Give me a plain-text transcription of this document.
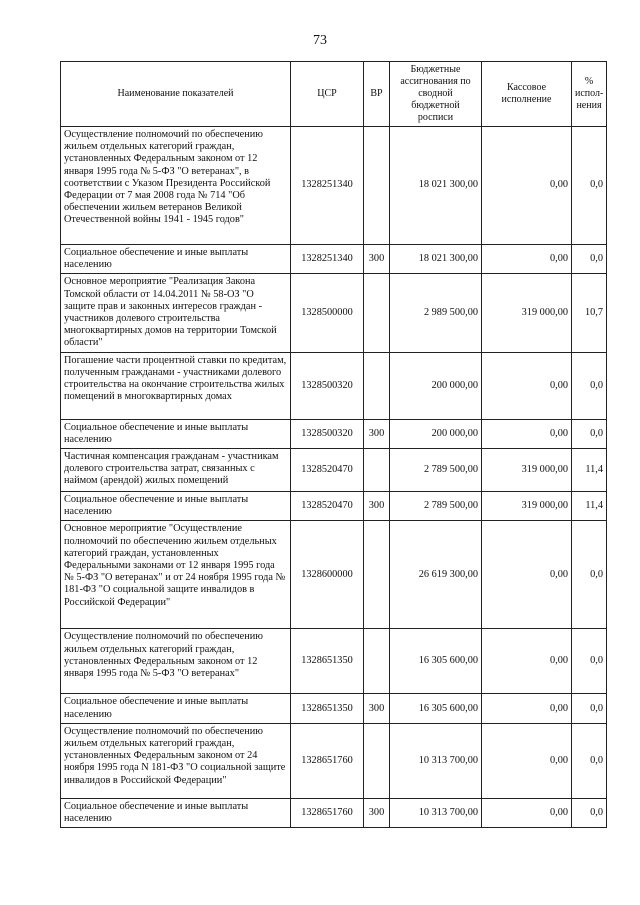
73
Наименование показателей	ЦСР	ВР	Бюджетные ассигнования по сводной бюджетной росписи	Кассовое исполнение	% испол-нения
Осуществление полномочий по обеспечению жильем отдельных категорий граждан, установленных Федеральным законом от 12 января 1995 года № 5-ФЗ "О ветеранах", в соответствии с Указом Президента Российской Федерации от 7 мая 2008 года № 714 "Об обеспечении жильем ветеранов Великой Отечественной войны 1941 - 1945 годов"	1328251340		18 021 300,00	0,00	0,0
Социальное обеспечение и иные выплаты населению	1328251340	300	18 021 300,00	0,00	0,0
Основное мероприятие "Реализация Закона Томской области от 14.04.2011 № 58-ОЗ "О защите прав и законных интересов граждан - участников долевого строительства многоквартирных домов на территории Томской области"	1328500000		2 989 500,00	319 000,00	10,7
Погашение части процентной ставки по кредитам, полученным гражданами - участниками долевого строительства на окончание строительства жилых помещений в многоквартирных домах	1328500320		200 000,00	0,00	0,0
Социальное обеспечение и иные выплаты населению	1328500320	300	200 000,00	0,00	0,0
Частичная компенсация гражданам - участникам долевого строительства затрат, связанных с наймом (арендой) жилых помещений	1328520470		2 789 500,00	319 000,00	11,4
Социальное обеспечение и иные выплаты населению	1328520470	300	2 789 500,00	319 000,00	11,4
Основное мероприятие "Осуществление полномочий по обеспечению жильем отдельных категорий граждан, установленных Федеральными законами от 12 января 1995 года № 5-ФЗ "О ветеранах" и от 24 ноября 1995 года № 181-ФЗ "О социальной защите инвалидов в Российской Федерации"	1328600000		26 619 300,00	0,00	0,0
Осуществление полномочий по обеспечению жильем отдельных категорий граждан, установленных Федеральным законом от 12 января 1995 года № 5-ФЗ "О ветеранах"	1328651350		16 305 600,00	0,00	0,0
Социальное обеспечение и иные выплаты населению	1328651350	300	16 305 600,00	0,00	0,0
Осуществление полномочий по обеспечению жильем отдельных категорий граждан, установленных Федеральным законом от 24 ноября 1995 года N 181-ФЗ "О социальной защите инвалидов в Российской Федерации"	1328651760		10 313 700,00	0,00	0,0
Социальное обеспечение и иные выплаты населению	1328651760	300	10 313 700,00	0,00	0,0
